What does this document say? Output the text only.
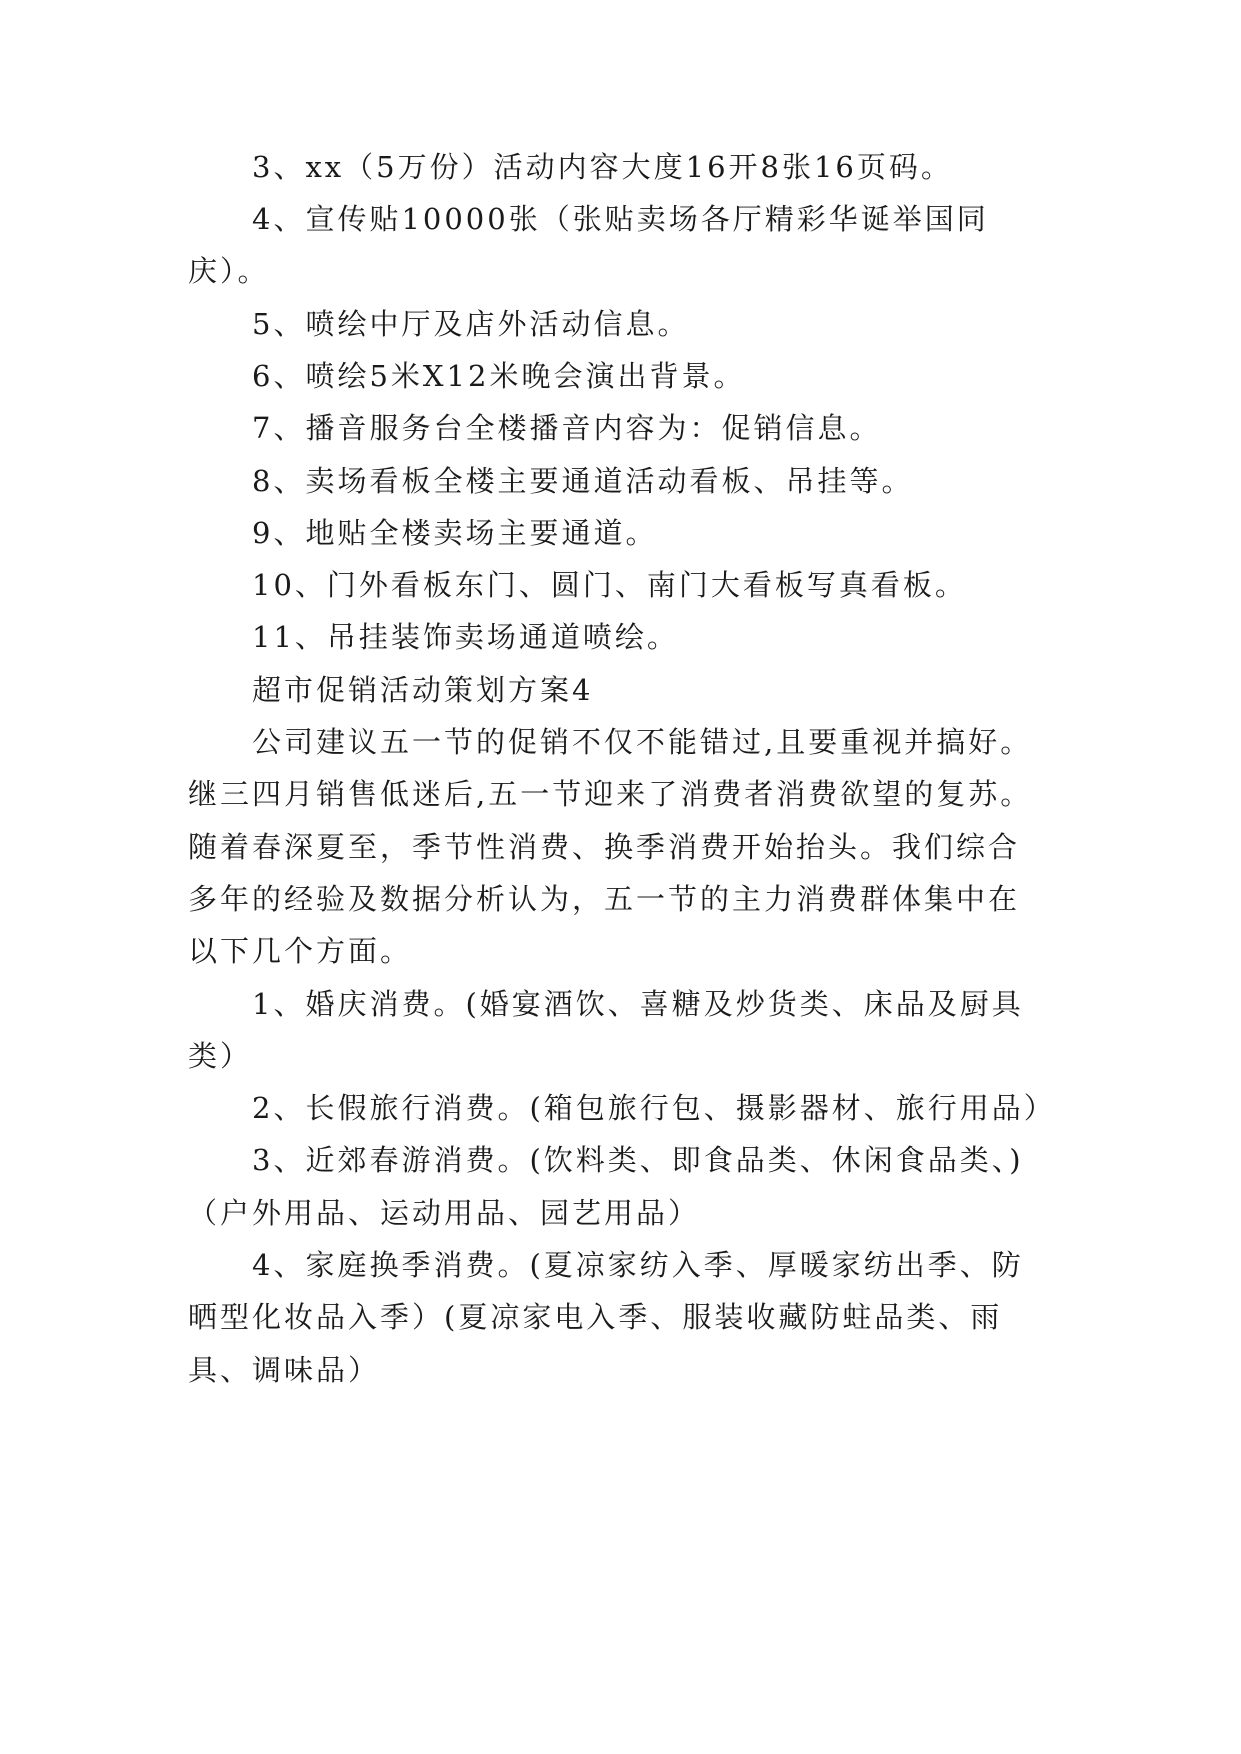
3、xx（5万份）活动内容大度16开8张16页码。
4、宣传贴10000张（张贴卖场各厅精彩华诞举国同
庆）。
5、喷绘中厅及店外活动信息。
6、喷绘5米X12米晚会演出背景。
7、播音服务台全楼播音内容为：促销信息。
8、卖场看板全楼主要通道活动看板、吊挂等。
9、地贴全楼卖场主要通道。
10、门外看板东门、圆门、南门大看板写真看板。
11、吊挂装饰卖场通道喷绘。
超市促销活动策划方案4
公司建议五一节的促销不仅不能错过,且要重视并搞好。
继三四月销售低迷后,五一节迎来了消费者消费欲望的复苏。
随着春深夏至，季节性消费、换季消费开始抬头。我们综合
多年的经验及数据分析认为，五一节的主力消费群体集中在
以下几个方面。
1、婚庆消费。(婚宴酒饮、喜糖及炒货类、床品及厨具
类）
2、长假旅行消费。(箱包旅行包、摄影器材、旅行用品）
3、近郊春游消费。(饮料类、即食品类、休闲食品类、)
（户外用品、运动用品、园艺用品）
4、家庭换季消费。(夏凉家纺入季、厚暖家纺出季、防
晒型化妆品入季）(夏凉家电入季、服装收藏防蛀品类、雨
具、调味品）
